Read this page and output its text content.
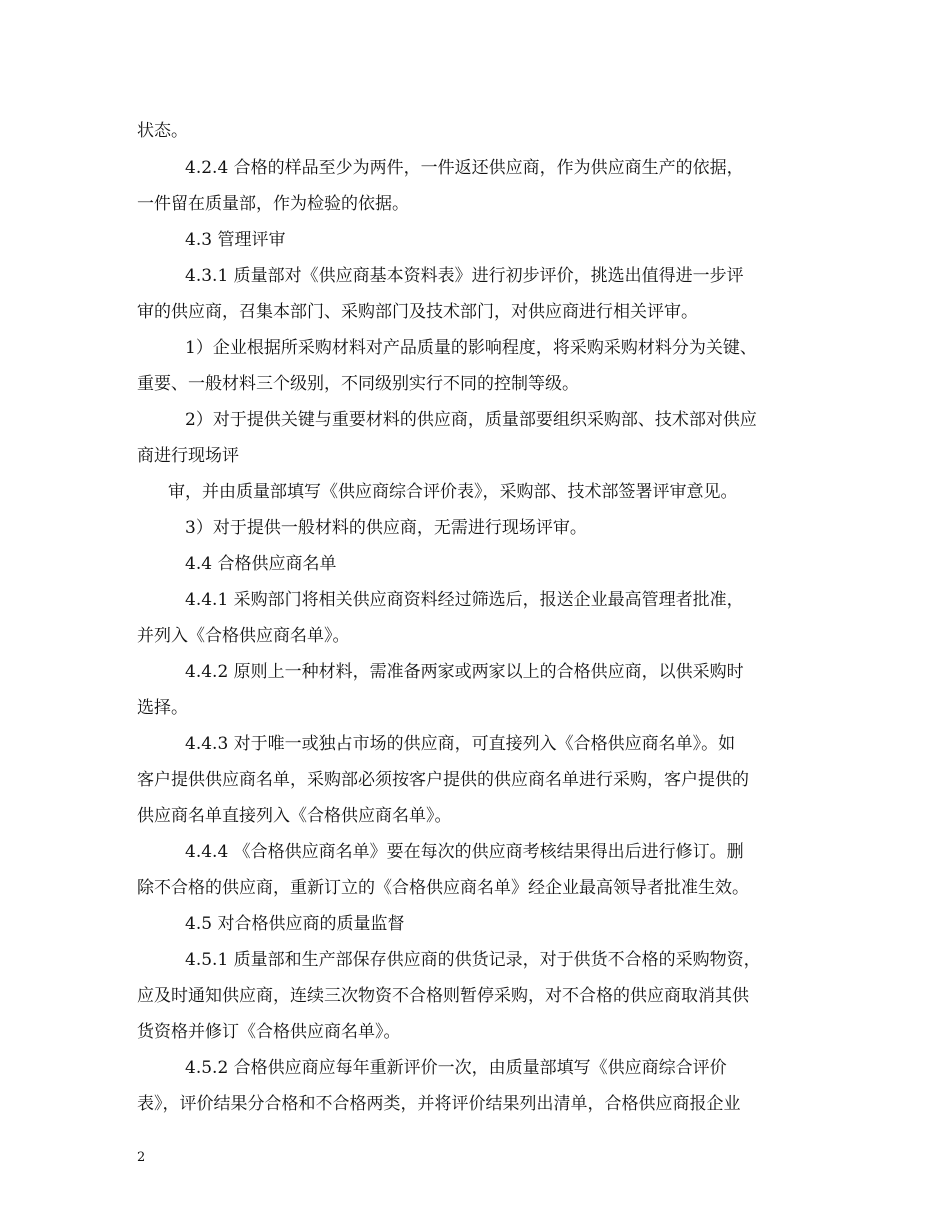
状态。
4.2.4 合格的样品至少为两件，一件返还供应商，作为供应商生产的依据，
一件留在质量部，作为检验的依据。
4.3 管理评审
4.3.1 质量部对《供应商基本资料表》进行初步评价，挑选出值得进一步评
审的供应商，召集本部门、采购部门及技术部门，对供应商进行相关评审。
1）企业根据所采购材料对产品质量的影响程度，将采购采购材料分为关键、
重要、一般材料三个级别，不同级别实行不同的控制等级。
2）对于提供关键与重要材料的供应商，质量部要组织采购部、技术部对供应
商进行现场评
审，并由质量部填写《供应商综合评价表》，采购部、技术部签署评审意见。
3）对于提供一般材料的供应商，无需进行现场评审。
4.4 合格供应商名单
4.4.1 采购部门将相关供应商资料经过筛选后，报送企业最高管理者批准，
并列入《合格供应商名单》。
4.4.2 原则上一种材料，需准备两家或两家以上的合格供应商，以供采购时
选择。
4.4.3 对于唯一或独占市场的供应商，可直接列入《合格供应商名单》。如
客户提供供应商名单，采购部必须按客户提供的供应商名单进行采购，客户提供的
供应商名单直接列入《合格供应商名单》。
4.4.4 《合格供应商名单》要在每次的供应商考核结果得出后进行修订。删
除不合格的供应商，重新订立的《合格供应商名单》经企业最高领导者批准生效。
4.5 对合格供应商的质量监督
4.5.1 质量部和生产部保存供应商的供货记录，对于供货不合格的采购物资，
应及时通知供应商，连续三次物资不合格则暂停采购，对不合格的供应商取消其供
货资格并修订《合格供应商名单》。
4.5.2 合格供应商应每年重新评价一次，由质量部填写《供应商综合评价
表》，评价结果分合格和不合格两类，并将评价结果列出清单，合格供应商报企业
2
